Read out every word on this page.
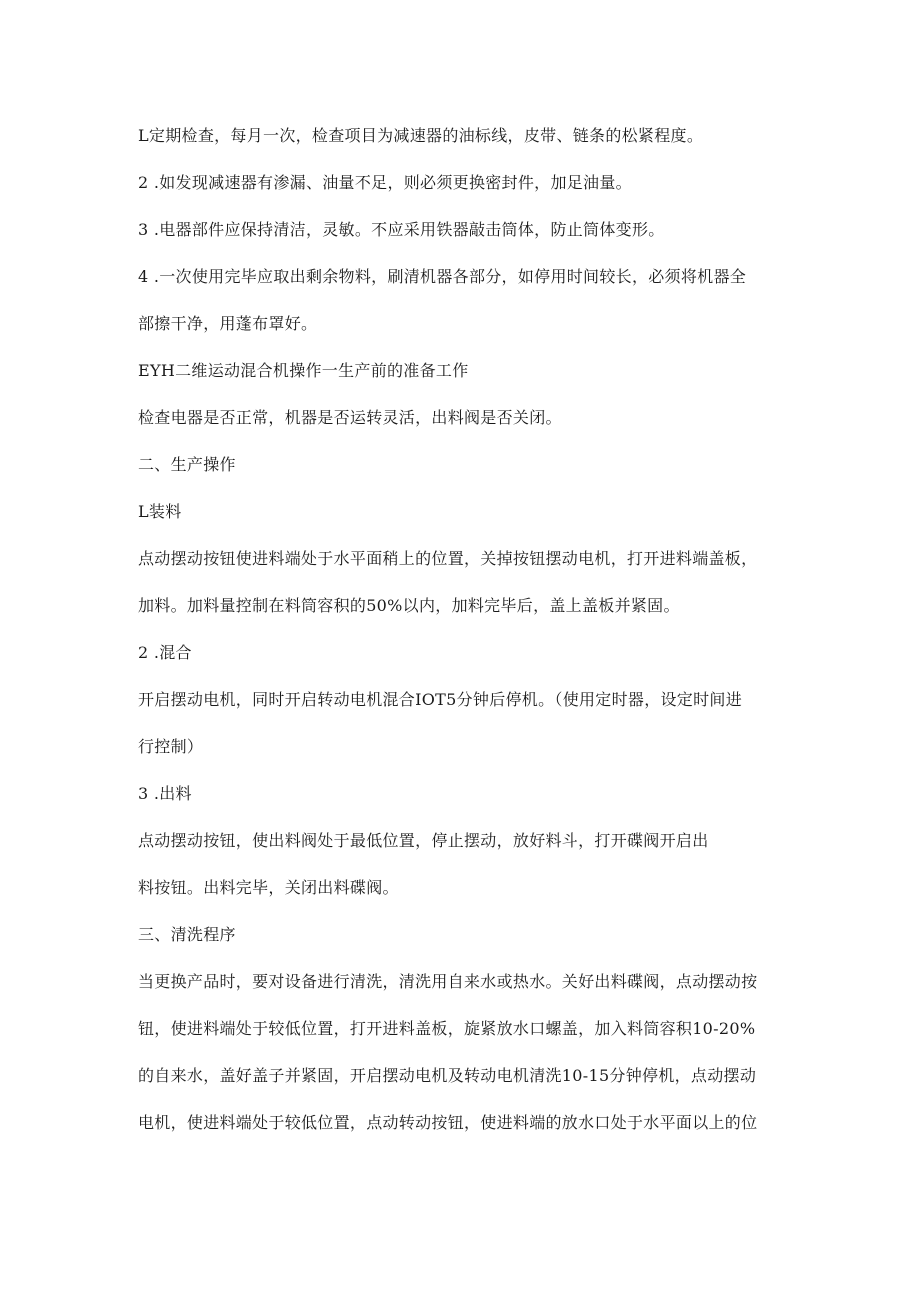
L定期检查，每月一次，检查项目为减速器的油标线，皮带、链条的松紧程度。

2 .如发现减速器有渗漏、油量不足，则必须更换密封件，加足油量。

3 .电器部件应保持清洁，灵敏。不应采用铁器敲击筒体，防止筒体变形。

4 .一次使用完毕应取出剩余物料，刷清机器各部分，如停用时间较长，必须将机器全

部擦干净，用蓬布罩好。

EYH二维运动混合机操作一生产前的准备工作

检查电器是否正常，机器是否运转灵活，出料阀是否关闭。

二、生产操作

L装料

点动摆动按钮使进料端处于水平面稍上的位置，关掉按钮摆动电机，打开进料端盖板，

加料。加料量控制在料筒容积的50%以内，加料完毕后，盖上盖板并紧固。

2 .混合

开启摆动电机，同时开启转动电机混合IOT5分钟后停机。（使用定时器，设定时间进

行控制）

3 .出料

点动摆动按钮，使出料阀处于最低位置，停止摆动，放好料斗，打开碟阀开启出

料按钮。出料完毕，关闭出料碟阀。

三、清洗程序

当更换产品时，要对设备进行清洗，清洗用自来水或热水。关好出料碟阀，点动摆动按

钮，使进料端处于较低位置，打开进料盖板，旋紧放水口螺盖，加入料筒容积10-20%

的自来水，盖好盖子并紧固，开启摆动电机及转动电机清洗10-15分钟停机，点动摆动

电机，使进料端处于较低位置，点动转动按钮，使进料端的放水口处于水平面以上的位
